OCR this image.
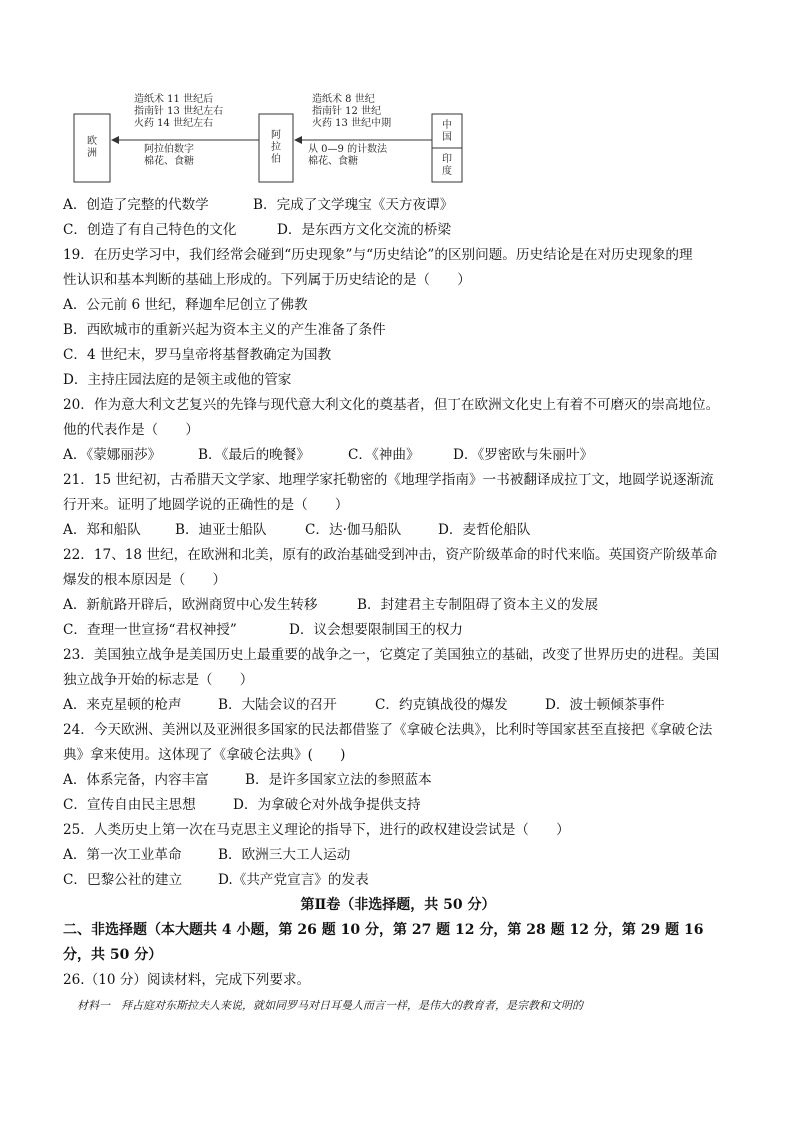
欧
洲
阿
拉
伯
中
国
印
度
造纸术 11 世纪后
指南针 13 世纪左右
火药 14 世纪左右
阿拉伯数字
棉花、食糖
造纸术 8 世纪
指南针 12 世纪
火药 13 世纪中期
从 0—9 的计数法
棉花、食糖
A．创造了完整的代数学	B．完成了文学瑰宝《天方夜谭》
C．创造了有自己特色的文化	D．是东西方文化交流的桥梁
19．在历史学习中，我们经常会碰到“历史现象”与“历史结论”的区别问题。历史结论是在对历史现象的理
性认识和基本判断的基础上形成的。下列属于历史结论的是（　　）
A．公元前 6 世纪，释迦牟尼创立了佛教
B．西欧城市的重新兴起为资本主义的产生准备了条件
C．4 世纪末，罗马皇帝将基督教确定为国教
D．主持庄园法庭的是领主或他的管家
20．作为意大利文艺复兴的先锋与现代意大利文化的奠基者，但丁在欧洲文化史上有着不可磨灭的崇高地位。
他的代表作是（　　）
A．《蒙娜丽莎》	B．《最后的晚餐》	C．《神曲》 D．《罗密欧与朱丽叶》
21．15 世纪初，古希腊天文学家、地理学家托勒密的《地理学指南》一书被翻译成拉丁文，地圆学说逐渐流
行开来。证明了地圆学说的正确性的是（　　）
A．郑和船队	B．迪亚士船队	C．达·伽马船队	D．麦哲伦船队
22．17、18 世纪，在欧洲和北美，原有的政治基础受到冲击，资产阶级革命的时代来临。英国资产阶级革命
爆发的根本原因是（　　）
A．新航路开辟后，欧洲商贸中心发生转移	B．封建君主专制阻碍了资本主义的发展
C．查理一世宣扬“君权神授”	D．议会想要限制国王的权力
23．美国独立战争是美国历史上最重要的战争之一，它奠定了美国独立的基础，改变了世界历史的进程。美国
独立战争开始的标志是（　　）
A．来克星顿的枪声	B．大陆会议的召开	C．约克镇战役的爆发	D．波士顿倾茶事件
24．今天欧洲、美洲以及亚洲很多国家的民法都借鉴了《拿破仑法典》，比利时等国家甚至直接把《拿破仑法
典》拿来使用。这体现了《拿破仑法典》(　　)
A．体系完备，内容丰富	B．是许多国家立法的参照蓝本
C．宣传自由民主思想	D．为拿破仑对外战争提供支持
25．人类历史上第一次在马克思主义理论的指导下，进行的政权建设尝试是（　　）
A．第一次工业革命	B．欧洲三大工人运动
C．巴黎公社的建立	D.《共产党宣言》的发表
第Ⅱ卷（非选择题，共 50 分）
二、非选择题（本大题共 4 小题，第 26 题 10 分，第 27 题 12 分，第 28 题 12 分，第 29 题 16
分，共 50 分）
26.（10 分）阅读材料，完成下列要求。
材料一　拜占庭对东斯拉夫人来说，就如同罗马对日耳曼人而言一样，是伟大的教育者，是宗教和文明的
